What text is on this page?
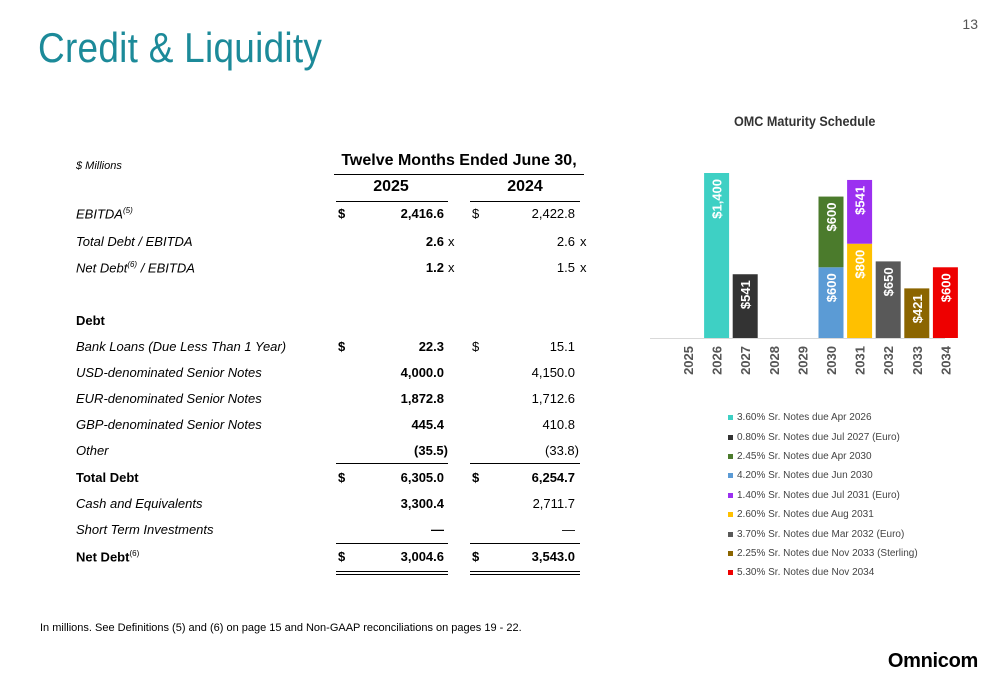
13
Credit & Liquidity
$ Millions	Twelve Months Ended June 30,
2025	2024
EBITDA$^{(5)}$	$	2,416.6 $	2,422.8
Total Debt / EBITDA	2.6 x	2.6 x
Net Debt$^{(6)}$ / EBITDA	1.2 x	1.5 x
Debt
Bank Loans (Due Less Than 1 Year)	$	22.3 $	15.1
USD-denominated Senior Notes	4,000.0	4,150.0
EUR-denominated Senior Notes	1,872.8	1,712.6
GBP-denominated Senior Notes	445.4	410.8
Other	(35.5)	(33.8)
Total Debt	$	6,305.0 $	6,254.7
Cash and Equivalents	3,300.4	2,711.7
Short Term Investments	—	—
Net Debt$^{(6)}$	$	3,004.6 $	3,543.0
In millions. See Definitions (5) and (6) on page 15 and Non-GAAP reconciliations on pages 19 - 22.
Omnicom
OMC Maturity Schedule
2025
$1,400
2026
$541
2027 2028 2029
$600
$600
2030
$800
$541
2031
$650
2032
$421
2033
$600
2034
3.60% Sr. Notes due Apr 2026
0.80% Sr. Notes due Jul 2027 (Euro)
2.45% Sr. Notes due Apr 2030
4.20% Sr. Notes due Jun 2030
1.40% Sr. Notes due Jul 2031 (Euro)
2.60% Sr. Notes due Aug 2031
3.70% Sr. Notes due Mar 2032 (Euro)
2.25% Sr. Notes due Nov 2033 (Sterling)
5.30% Sr. Notes due Nov 2034
